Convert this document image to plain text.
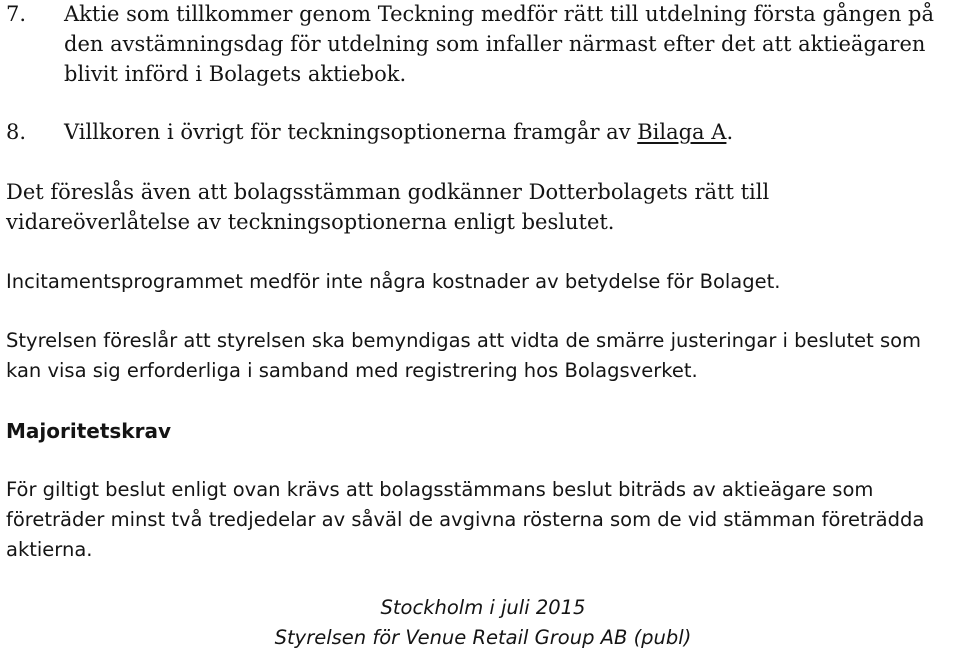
7.	Aktie som tillkommer genom Teckning medför rätt till utdelning första gången på den avstämningsdag för utdelning som infaller närmast efter det att aktieägaren blivit införd i Bolagets aktiebok.
8.	Villkoren i övrigt för teckningsoptionerna framgår av Bilaga A.

Det föreslås även att bolagsstämman godkänner Dotterbolagets rätt till vidareöverlåtelse av teckningsoptionerna enligt beslutet.

Incitamentsprogrammet medför inte några kostnader av betydelse för Bolaget.

Styrelsen föreslår att styrelsen ska bemyndigas att vidta de smärre justeringar i beslutet som kan visa sig erforderliga i samband med registrering hos Bolagsverket.

Majoritetskrav

För giltigt beslut enligt ovan krävs att bolagsstämmans beslut biträds av aktieägare som företräder minst två tredjedelar av såväl de avgivna rösterna som de vid stämman företrädda aktierna.

Stockholm i juli 2015
Styrelsen för Venue Retail Group AB (publ)
